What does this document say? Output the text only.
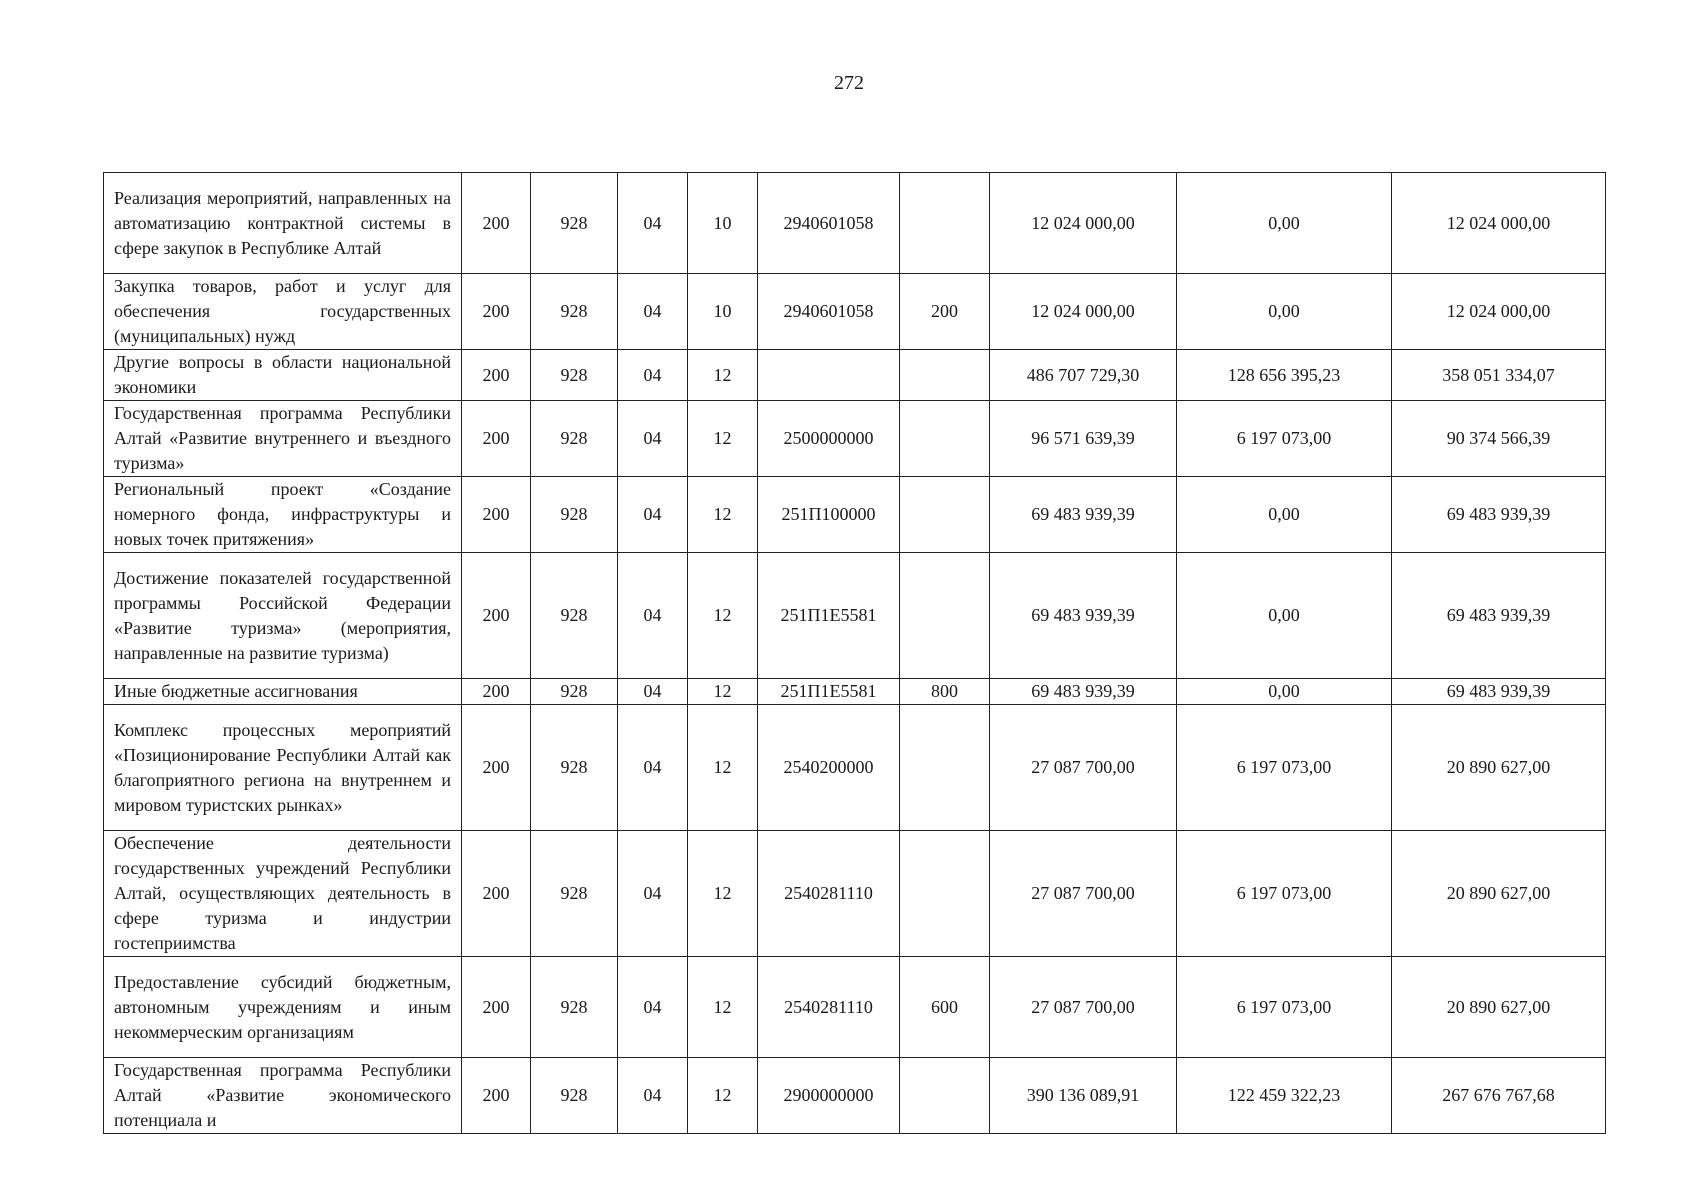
272
Реализация мероприятий, направленных на автоматизацию контрактной системы в сфере закупок в Республике Алтай	200	928	04	10	2940601058		12 024 000,00	0,00	12 024 000,00
Закупка товаров, работ и услуг для обеспечения государственных (муниципальных) нужд	200	928	04	10	2940601058	200	12 024 000,00	0,00	12 024 000,00
Другие вопросы в области национальной экономики	200	928	04	12			486 707 729,30	128 656 395,23	358 051 334,07
Государственная программа Республики Алтай «Развитие внутреннего и въездного туризма»	200	928	04	12	2500000000		96 571 639,39	6 197 073,00	90 374 566,39
Региональный проект «Создание номерного фонда, инфраструктуры и новых точек притяжения»	200	928	04	12	251П100000		69 483 939,39	0,00	69 483 939,39
Достижение показателей государственной программы Российской Федерации «Развитие туризма» (мероприятия, направленные на развитие туризма)	200	928	04	12	251П1Е5581		69 483 939,39	0,00	69 483 939,39
Иные бюджетные ассигнования	200	928	04	12	251П1Е5581	800	69 483 939,39	0,00	69 483 939,39
Комплекс процессных мероприятий «Позиционирование Республики Алтай как благоприятного региона на внутреннем и мировом туристских рынках»	200	928	04	12	2540200000		27 087 700,00	6 197 073,00	20 890 627,00
Обеспечение деятельности государственных учреждений Республики Алтай, осуществляющих деятельность в сфере туризма и индустрии гостеприимства	200	928	04	12	2540281110		27 087 700,00	6 197 073,00	20 890 627,00
Предоставление субсидий бюджетным, автономным учреждениям и иным некоммерческим организациям	200	928	04	12	2540281110	600	27 087 700,00	6 197 073,00	20 890 627,00
Государственная программа Республики Алтай «Развитие экономического потенциала и	200	928	04	12	2900000000		390 136 089,91	122 459 322,23	267 676 767,68
